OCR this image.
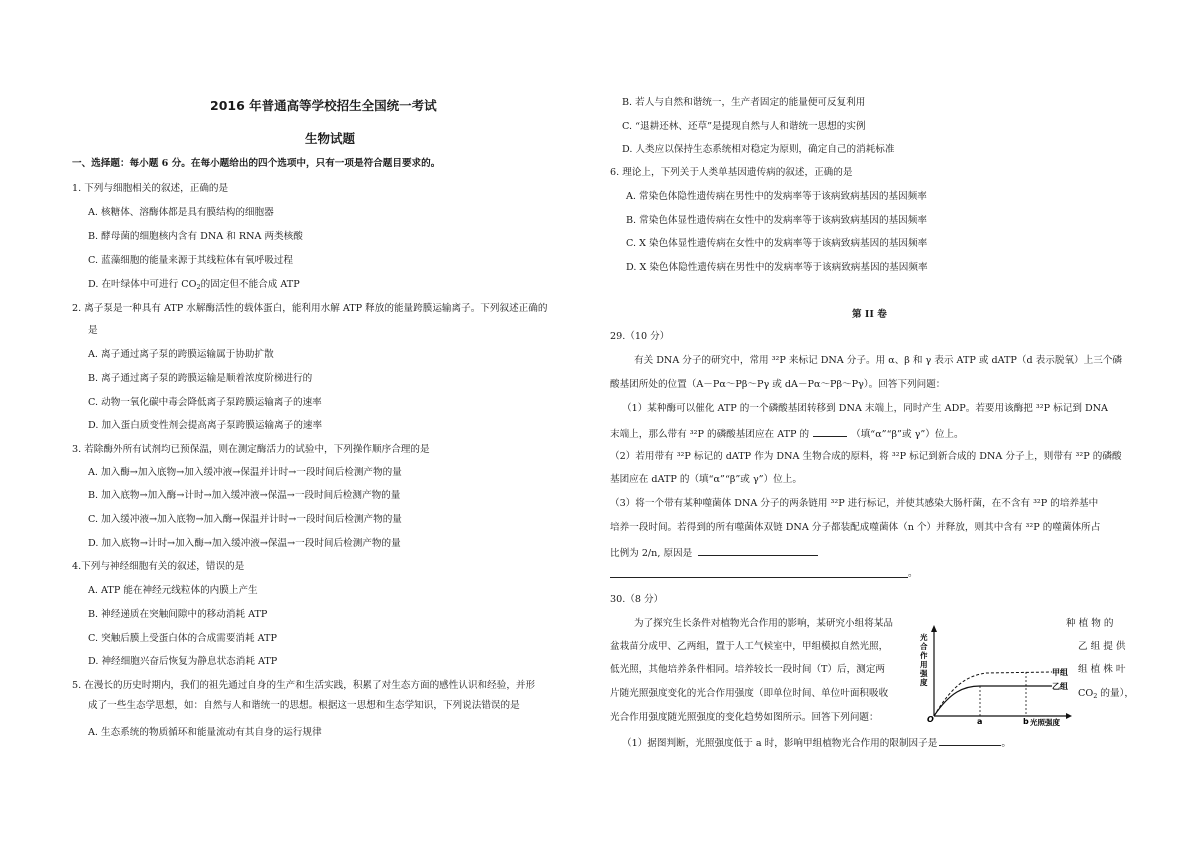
2016 年普通高等学校招生全国统一考试
生物试题
一、选择题：每小题 6 分。在每小题给出的四个选项中，只有一项是符合题目要求的。
1. 下列与细胞相关的叙述，正确的是
A. 核糖体、溶酶体都是具有膜结构的细胞器
B. 酵母菌的细胞核内含有 DNA 和 RNA 两类核酸
C. 蓝藻细胞的能量来源于其线粒体有氧呼吸过程
D. 在叶绿体中可进行 $CO_2$的固定但不能合成 ATP
2. 离子泵是一种具有 ATP 水解酶活性的载体蛋白，能利用水解 ATP 释放的能量跨膜运输离子。下列叙述正确的
是
A. 离子通过离子泵的跨膜运输属于协助扩散
B. 离子通过离子泵的跨膜运输是顺着浓度阶梯进行的
C. 动物一氧化碳中毒会降低离子泵跨膜运输离子的速率
D. 加入蛋白质变性剂会提高离子泵跨膜运输离子的速率
3. 若除酶外所有试剂均已预保温，则在测定酶活力的试验中，下列操作顺序合理的是
A. 加入酶→加入底物→加入缓冲液→保温并计时→一段时间后检测产物的量
B. 加入底物→加入酶→计时→加入缓冲液→保温→一段时间后检测产物的量
C. 加入缓冲液→加入底物→加入酶→保温并计时→一段时间后检测产物的量
D. 加入底物→计时→加入酶→加入缓冲液→保温→一段时间后检测产物的量
4.下列与神经细胞有关的叙述，错误的是
A. ATP 能在神经元线粒体的内膜上产生
B. 神经递质在突触间隙中的移动消耗 ATP
C. 突触后膜上受蛋白体的合成需要消耗 ATP
D. 神经细胞兴奋后恢复为静息状态消耗 ATP
5. 在漫长的历史时期内，我们的祖先通过自身的生产和生活实践，积累了对生态方面的感性认识和经验，并形
成了一些生态学思想，如：自然与人和谐统一的思想。根据这一思想和生态学知识，下列说法错误的是
A. 生态系统的物质循环和能量流动有其自身的运行规律
B. 若人与自然和谐统一，生产者固定的能量便可反复利用
C. “退耕还林、还草”是提现自然与人和谐统一思想的实例
D. 人类应以保持生态系统相对稳定为原则，确定自己的消耗标准
6. 理论上，下列关于人类单基因遗传病的叙述，正确的是
A. 常染色体隐性遗传病在男性中的发病率等于该病致病基因的基因频率
B. 常染色体显性遗传病在女性中的发病率等于该病致病基因的基因频率
C. X 染色体显性遗传病在女性中的发病率等于该病致病基因的基因频率
D. X 染色体隐性遗传病在男性中的发病率等于该病致病基因的基因频率
第 II 卷
29.（10 分）
有关 DNA 分子的研究中，常用 ³²P 来标记 DNA 分子。用 α、β 和 γ 表示 ATP 或 dATP（d 表示脱氧）上三个磷
酸基团所处的位置（A－Pα～Pβ～Pγ 或 dA－Pα～Pβ～Pγ）。回答下列问题：
（1）某种酶可以催化 ATP 的一个磷酸基团转移到 DNA 末端上，同时产生 ADP。若要用该酶把 ³²P 标记到 DNA
末端上，那么带有 ³²P 的磷酸基团应在 ATP 的	（填“α”“β”或 γ”）位上。
（2）若用带有 ³²P 标记的 dATP 作为 DNA 生物合成的原料，将 ³²P 标记到新合成的 DNA 分子上，则带有 ³²P 的磷酸
基团应在 dATP 的（填“α”“β”或 γ”）位上。
（3）将一个带有某种噬菌体 DNA 分子的两条链用 ³²P 进行标记，并使其感染大肠杆菌，在不含有 ³²P 的培养基中
培养一段时间。若得到的所有噬菌体双链 DNA 分子都装配成噬菌体（n 个）并释放，则其中含有 ³²P 的噬菌体所占
比例为 2/n, 原因是
。
30.（8 分）
为了探究生长条件对植物光合作用的影响，某研究小组将某品
盆栽苗分成甲、乙两组，置于人工气候室中，甲组模拟自然光照，
低光照，其他培养条件相同。培养较长一段时间（T）后，测定两
片随光照强度变化的光合作用强度（即单位时间、单位叶面积吸收
光合作用强度随光照强度的变化趋势如图所示。回答下列问题：
种 植 物 的
乙 组 提 供
组 植 株 叶
$CO_2$ 的量），
（1）据图判断，光照强度低于 a 时，影响甲组植物光合作用的限制因子是	。
O
光
合
作
用
强
度
光照强度
a	b
甲组
乙组
